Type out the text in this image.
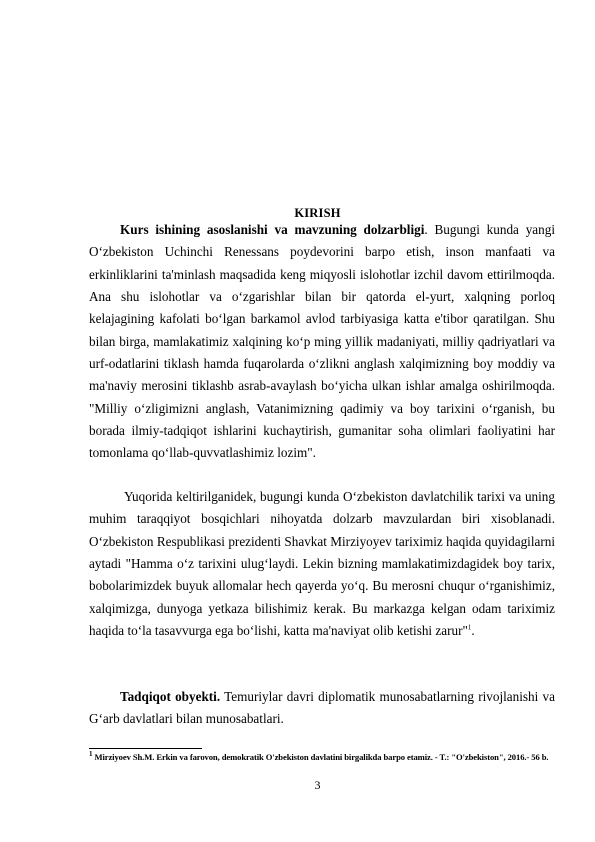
KIRISH

Kurs ishining asoslanishi va mavzuning dolzarbligi. Bugungi kunda yangi O‘zbekiston Uchinchi Renessans poydevorini barpo etish, inson manfaati va erkinliklarini ta'minlash maqsadida keng miqyosli islohotlar izchil davom ettirilmoqda. Ana shu islohotlar va o‘zgarishlar bilan bir qatorda el-yurt, xalqning porloq kelajagining kafolati bo‘lgan barkamol avlod tarbiyasiga katta e'tibor qaratilgan. Shu bilan birga, mamlakatimiz xalqining ko‘p ming yillik madaniyati, milliy qadriyatlari va urf-odatlarini tiklash hamda fuqarolarda o‘zlikni anglash xalqimizning boy moddiy va ma'naviy merosini tiklashb asrab-avaylash bo‘yicha ulkan ishlar amalga oshirilmoqda. "Milliy o‘zligimizni anglash, Vatanimizning qadimiy va boy tarixini o‘rganish, bu borada ilmiy-tadqiqot ishlarini kuchaytirish, gumanitar soha olimlari faoliyatini har tomonlama qo‘llab-quvvatlashimiz lozim".

Yuqorida keltirilganidek, bugungi kunda O‘zbekiston davlatchilik tarixi va uning muhim taraqqiyot bosqichlari nihoyatda dolzarb mavzulardan biri xisoblanadi. O‘zbekiston Respublikasi prezidenti Shavkat Mirziyoyev tariximiz haqida quyidagilarni aytadi "Hamma o‘z tarixini ulug‘laydi. Lekin bizning mamlakatimizdagidek boy tarix, bobolarimizdek buyuk allomalar hech qayerda yo‘q. Bu merosni chuqur o‘rganishimiz, xalqimizga, dunyoga yetkaza bilishimiz kerak. Bu markazga kelgan odam tariximiz haqida to‘la tasavvurga ega bo‘lishi, katta ma'naviyat olib ketishi zarur"$^1$.

Tadqiqot obyekti. Temuriylar davri diplomatik munosabatlarning rivojlanishi va G‘arb davlatlari bilan munosabatlari.

$^1$ Mirziyoev Sh.M. Erkin va farovon, demokratik O'zbekiston davlatini birgalikda barpo etamiz. - T.: "O'zbekiston", 2016.- 56 b.

3
